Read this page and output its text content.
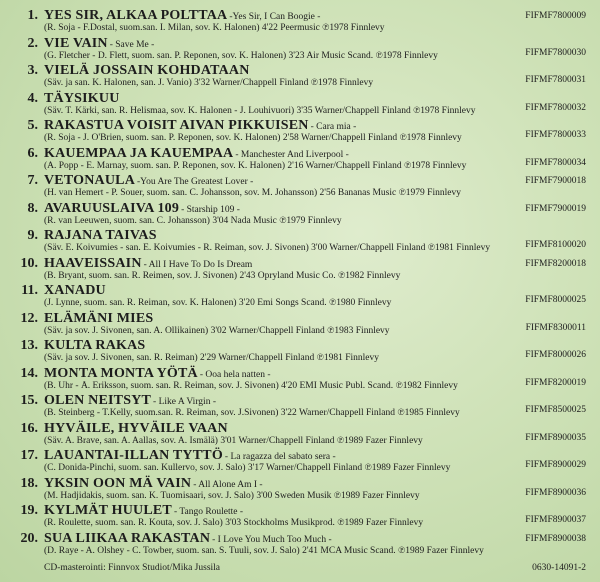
1. YES SIR, ALKAA POLTTAA -Yes Sir, I Can Boogie -	FIFMF7800009
(R. Soja - F.Dostal, suom.san. I. Milan, sov. K. Halonen) 4'22 Peermusic ℗1978 Finnlevy
2. VIE VAIN - Save Me -
FIFMF7800030
(G. Fletcher - D. Flett, suom. san. P. Reponen, sov. K. Halonen) 3'23 Air Music Scand. ℗1978 Finnlevy
3. VIELÄ JOSSAIN KOHDATAAN
FIFMF7800031
(Säv. ja san. K. Halonen, san. J. Vanio) 3'32 Warner/Chappell Finland ℗1978 Finnlevy
4. TÄYSIKUU
FIFMF7800032
(Säv. T. Kärki, san. R. Helismaa, sov. K. Halonen - J. Louhivuori) 3'35 Warner/Chappell Finland ℗1978 Finnlevy
5. RAKASTUA VOISIT AIVAN PIKKUISEN - Cara mia -
FIFMF7800033
(R. Soja - J. O'Brien, suom. san. P. Reponen, sov. K. Halonen) 2'58 Warner/Chappell Finland ℗1978 Finnlevy
6. KAUEMPAA JA KAUEMPAA - Manchester And Liverpool -
FIFMF7800034
(A. Popp - E. Marnay, suom. san. P. Reponen, sov. K. Halonen) 2'16 Warner/Chappell Finland ℗1978 Finnlevy
7. VETONAULA -You Are The Greatest Lover -	FIFMF7900018
(H. van Hemert - P. Souer, suom. san. C. Johansson, sov. M. Johansson) 2'56 Bananas Music ℗1979 Finnlevy
8. AVARUUSLAIVA 109 - Starship 109 -	FIFMF7900019
(R. van Leeuwen, suom. san. C. Johansson) 3'04 Nada Music ℗1979 Finnlevy
9. RAJANA TAIVAS
FIFMF8100020
(Säv. E. Koivumies - san. E. Koivumies - R. Reiman, sov. J. Sivonen) 3'00 Warner/Chappell Finland ℗1981 Finnlevy
10. HAAVEISSAIN - All I Have To Do Is Dream	FIFMF8200018
(B. Bryant, suom. san. R. Reimen, sov. J. Sivonen) 2'43 Opryland Music Co. ℗1982 Finnlevy
11. XANADU
FIFMF8000025
(J. Lynne, suom. san. R. Reiman, sov. K. Halonen) 3'20 Emi Songs Scand. ℗1980 Finnlevy
12. ELÄMÄNI MIES
FIFMF8300011
(Säv. ja sov. J. Sivonen, san. A. Ollikainen) 3'02 Warner/Chappell Finland ℗1983 Finnlevy
13. KULTA RAKAS
FIFMF8000026
(Säv. ja sov. J. Sivonen, san. R. Reiman) 2'29 Warner/Chappell Finland ℗1981 Finnlevy
14. MONTA MONTA YÖTÄ - Ooa hela natten -
FIFMF8200019
(B. Uhr - Å. Eriksson, suom. san. R. Reiman, sov. J. Sivonen) 4'20 EMI Music Publ. Scand. ℗1982 Finnlevy
15. OLEN NEITSYT - Like A Virgin -
FIFMF8500025
(B. Steinberg - T.Kelly, suom.san. R. Reiman, sov. J.Sivonen) 3'22 Warner/Chappell Finland ℗1985 Finnlevy
16. HYVÄILE, HYVÄILE VAAN
FIFMF8900035
(Säv. A. Brave, san. A. Aallas, sov. A. Ismälä) 3'01 Warner/Chappell Finland ℗1989 Fazer Finnlevy
17. LAUANTAI-ILLAN TYTTÖ - La ragazza del sabato sera -
FIFMF8900029
(C. Donida-Pinchi, suom. san. Kullervo, sov. J. Salo) 3'17 Warner/Chappell Finland ℗1989 Fazer Finnlevy
18. YKSIN OON MÄ VAIN - All Alone Am I -
FIFMF8900036
(M. Hadjidakis, suom. san. K. Tuomisaari, sov. J. Salo) 3'00 Sweden Musik ℗1989 Fazer Finnlevy
19. KYLMÄT HUULET - Tango Roulette -
FIFMF8900037
(R. Roulette, suom. san. R. Kouta, sov. J. Salo) 3'03 Stockholms Musikprod. ℗1989 Fazer Finnlevy
20. SUA LIIKAA RAKASTAN - I Love You Much Too Much -	FIFMF8900038
(D. Raye - A. Olshey - C. Towber, suom. san. S. Tuuli, sov. J. Salo) 2'41 MCA Music Scand. ℗1989 Fazer Finnlevy
CD-masterointi: Finnvox Studiot/Mika Jussila	0630-14091-2
